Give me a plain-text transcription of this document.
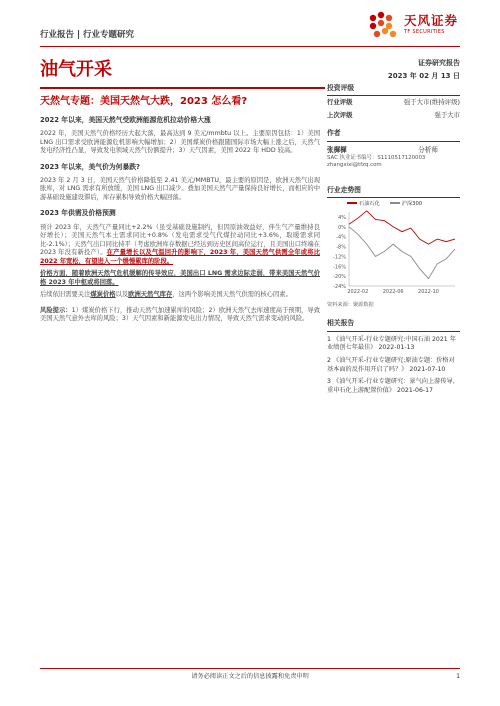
行业报告 | 行业专题研究
天风证券
TF SECURITIES
油气开采	证券研究报告
2023 年 02 月 13 日
天然气专题：美国天然气大跌，2023 怎么看?
2022 年以来，美国天然气受欧洲能源危机拉动价格大涨
2022 年，美国天然气价格经历大起大落，最高达到 9 美元/mmbtu 以上。主要原因包括：1）美国 LNG 出口需求受欧洲能源危机影响大幅增加；2）美国煤炭价格跟随国际市场大幅上涨之后，天然气发电经济性凸显，导致发电领域天然气份额提升；3）天气因素，美国 2022 年 HDD 较高。
2023 年以来，美气价为何暴跌?
2023 年 2 月 3 日，美国天然气价格降低至 2.41 美元/MMBTU，最主要的原因是，欧洲天然气出现胀库，对 LNG 需求有所放缓，美国 LNG 出口减少。叠加美国天然气产量保持良好增长，而相应的中游基础设施建设滞后，库存累积导致价格大幅回落。
2023 年供需及价格预测
预计 2023 年，天然气产量同比+2.2%（虽受基础设施制约，但因原油效益好，伴生气产量维持良好增长）；美国天然气本土需求同比+0.8%（发电需求受气代煤拉动同比+3.6%，取暖需求同比-2.1%）；天然气出口同比持平（考虑欧洲库存数据已经达到历史区间高位运行，且美国出口终端在 2023 年没有新投产）。在产量增长以及气温回升的影响下，2023 年，美国天然气供需全年或将比 2022 年宽松，有望进入一个缓慢累库的阶段。
价格方面，随着欧洲天然气危机缓解的传导效应，美国出口 LNG 需求边际走弱，带来美国天然气价格 2023 年中枢或将回落。
后续依旧需要关注煤炭价格以及欧洲天然气库存，这两个影响美国天然气供需的核心因素。
风险提示：1）煤炭价格下行，推动天然气加速累库的风险；2）欧洲天然气去库速度高于预期，导致美国天然气意外去库的风险；3）天气因素和新能源发电出力情况，导致天然气需求变动的风险。
投资评级
行业评级	强于大市(维持评级)
上次评级	强于大市
作者
张樨樨	分析师
SAC 执业证书编号：S1110517120003
zhangxixi@tfzq.com
行业走势图
石油石化	沪深300
4%
0%
-4%
-8%
-12%
-16%
-20%
-24%
2022-02	2022-06	2022-10
资料来源：聚源数据
相关报告
1 《油气开采-行业专题研究:中国石油 2021 年业绩创七年最佳》 2022-01-13
2 《油气开采-行业专题研究:原油专题：价格对基本面的反作用开启了吗？》 2021-07-10
3 《油气开采-行业专题研究：景气向上游传导，重申石化上游配置价值》 2021-06-17
请务必阅读正文之后的信息披露和免责申明	1
